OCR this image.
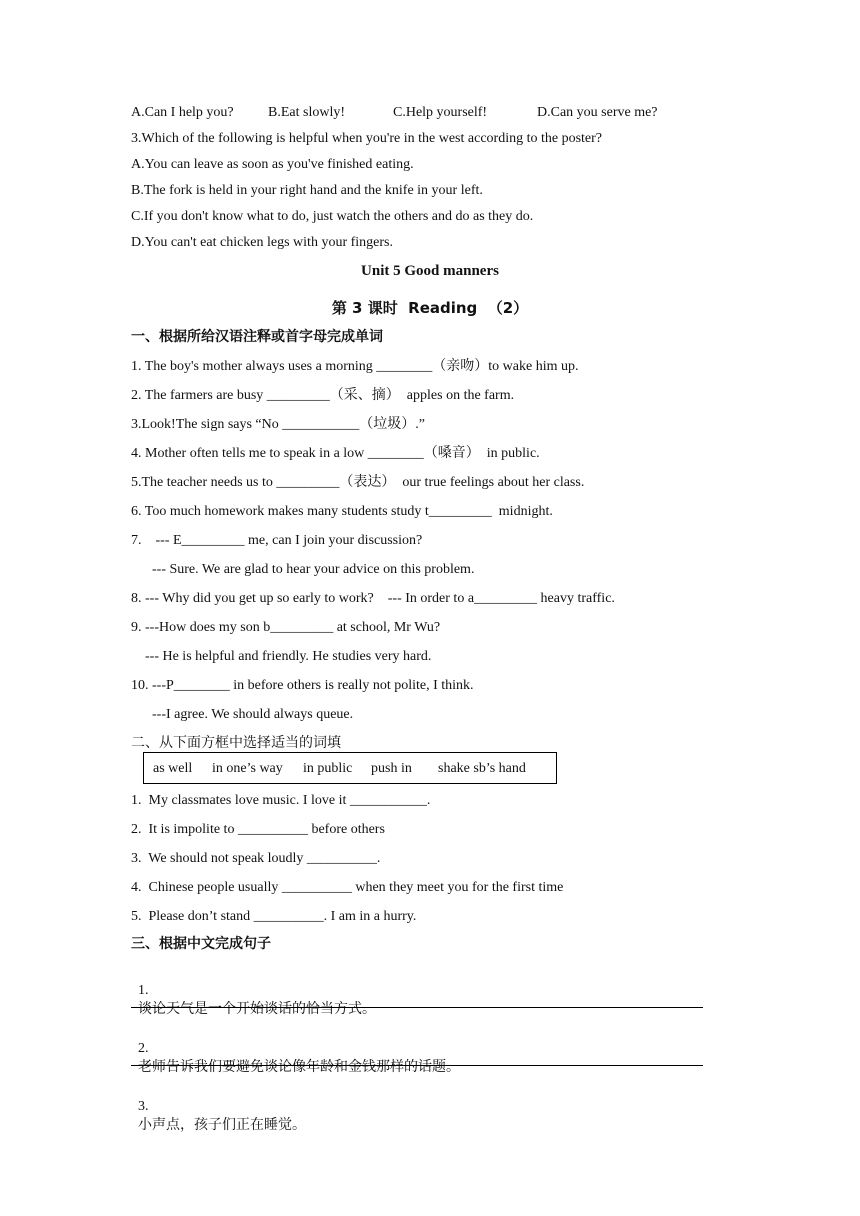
A.Can I help you? B.Eat slowly!	C.Help yourself!	D.Can you serve me?
3.Which of the following is helpful when you're in the west according to the poster?
A.You can leave as soon as you've finished eating.
B.The fork is held in your right hand and the knife in your left.
C.If you don't know what to do, just watch the others and do as they do.
D.You can't eat chicken legs with your fingers.
Unit 5 Good manners
第 3 课时  Reading  （2）
一、根据所给汉语注释或首字母完成单词
1. The boy's mother always uses a morning ________（亲吻）to wake him up.
2. The farmers are busy _________（采、摘）  apples on the farm.
3.Look!The sign says “No ___________（垃圾）.”
4. Mother often tells me to speak in a low ________（嗓音）  in public.
5.The teacher needs us to _________（表达）  our true feelings about her class.
6. Too much homework makes many students study t_________  midnight.
7.    --- E_________ me, can I join your discussion?
--- Sure. We are glad to hear your advice on this problem.
8. --- Why did you get up so early to work?    --- In order to a_________ heavy traffic.
9. ---How does my son b_________ at school, Mr Wu?
--- He is helpful and friendly. He studies very hard.
10. ---P________ in before others is really not polite, I think.
---I agree. We should always queue.
二、从下面方框中选择适当的词填
as well in one’s way in public push in shake sb’s hand
1.  My classmates love music. I love it ___________.
2.  It is impolite to __________ before others
3.  We should not speak loudly __________.
4.  Chinese people usually __________ when they meet you for the first time
5.  Please don’t stand __________. I am in a hurry.
三、根据中文完成句子

1.
谈论天气是一个开始谈话的恰当方式。

2.
老师告诉我们要避免谈论像年龄和金钱那样的话题。

3.
小声点，孩子们正在睡觉。
